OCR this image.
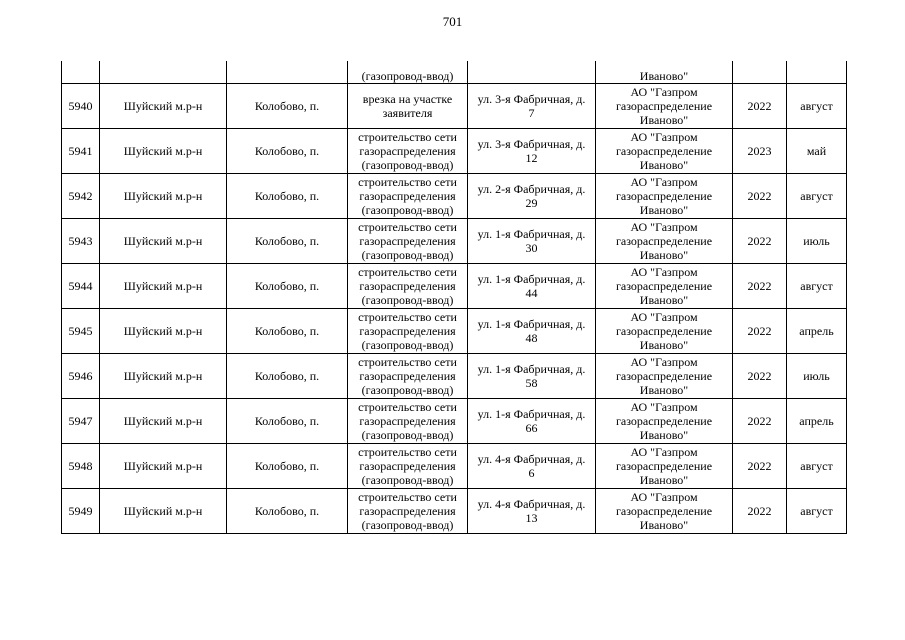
701
			(газопровод-ввод)		Иваново"		
5940	Шуйский м.р-н	Колобово, п.	врезка на участке
заявителя	ул. 3-я Фабричная, д.
7	АО "Газпром
газораспределение
Иваново"	2022	август
5941	Шуйский м.р-н	Колобово, п.	строительство сети
газораспределения
(газопровод-ввод)	ул. 3-я Фабричная, д.
12	АО "Газпром
газораспределение
Иваново"	2023	май
5942	Шуйский м.р-н	Колобово, п.	строительство сети
газораспределения
(газопровод-ввод)	ул. 2-я Фабричная, д.
29	АО "Газпром
газораспределение
Иваново"	2022	август
5943	Шуйский м.р-н	Колобово, п.	строительство сети
газораспределения
(газопровод-ввод)	ул. 1-я Фабричная, д.
30	АО "Газпром
газораспределение
Иваново"	2022	июль
5944	Шуйский м.р-н	Колобово, п.	строительство сети
газораспределения
(газопровод-ввод)	ул. 1-я Фабричная, д.
44	АО "Газпром
газораспределение
Иваново"	2022	август
5945	Шуйский м.р-н	Колобово, п.	строительство сети
газораспределения
(газопровод-ввод)	ул. 1-я Фабричная, д.
48	АО "Газпром
газораспределение
Иваново"	2022	апрель
5946	Шуйский м.р-н	Колобово, п.	строительство сети
газораспределения
(газопровод-ввод)	ул. 1-я Фабричная, д.
58	АО "Газпром
газораспределение
Иваново"	2022	июль
5947	Шуйский м.р-н	Колобово, п.	строительство сети
газораспределения
(газопровод-ввод)	ул. 1-я Фабричная, д.
66	АО "Газпром
газораспределение
Иваново"	2022	апрель
5948	Шуйский м.р-н	Колобово, п.	строительство сети
газораспределения
(газопровод-ввод)	ул. 4-я Фабричная, д.
6	АО "Газпром
газораспределение
Иваново"	2022	август
5949	Шуйский м.р-н	Колобово, п.	строительство сети
газораспределения
(газопровод-ввод)	ул. 4-я Фабричная, д.
13	АО "Газпром
газораспределение
Иваново"	2022	август
